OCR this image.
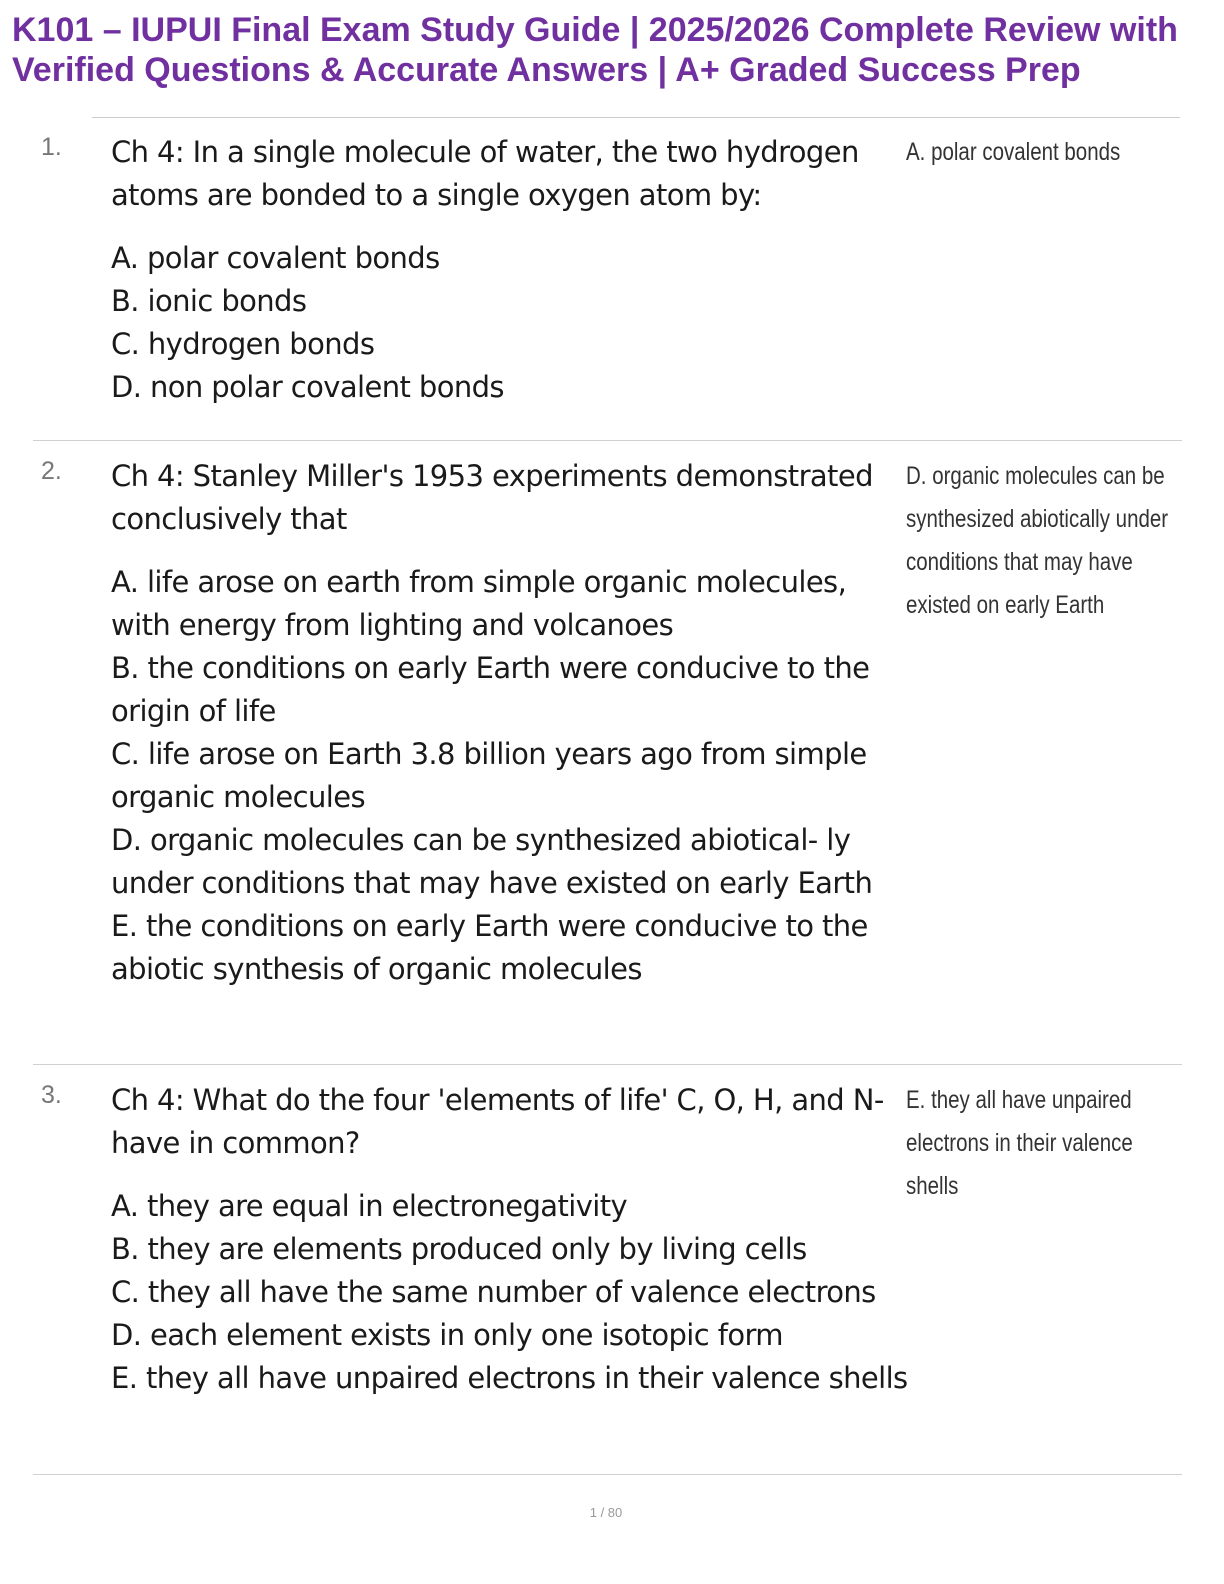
K101 – IUPUI Final Exam Study Guide | 2025/2026 Complete Review with Verified Questions & Accurate Answers | A+ Graded Success Prep
1. Ch 4: In a single molecule of water, the two hydrogen atoms are bonded to a single oxygen atom by:

A. polar covalent bonds
B. ionic bonds
C. hydrogen bonds
D. non polar covalent bonds
A. polar covalent bonds
2. Ch 4: Stanley Miller's 1953 experiments demonstrated conclusively that

A. life arose on earth from simple organic molecules, with energy from lighting and volcanoes
B. the conditions on early Earth were conducive to the origin of life
C. life arose on Earth 3.8 billion years ago from simple organic molecules
D. organic molecules can be synthesized abiotical- ly under conditions that may have existed on early Earth
E. the conditions on early Earth were conducive to the abiotic synthesis of organic molecules
D. organic molecules can be synthesized abiotically under conditions that may have existed on early Earth
3. Ch 4: What do the four 'elements of life' C, O, H, and N- have in common?

A. they are equal in electronegativity
B. they are elements produced only by living cells
C. they all have the same number of valence electrons
D. each element exists in only one isotopic form
E. they all have unpaired electrons in their valence shells
E. they all have unpaired electrons in their valence shells
1 / 80
